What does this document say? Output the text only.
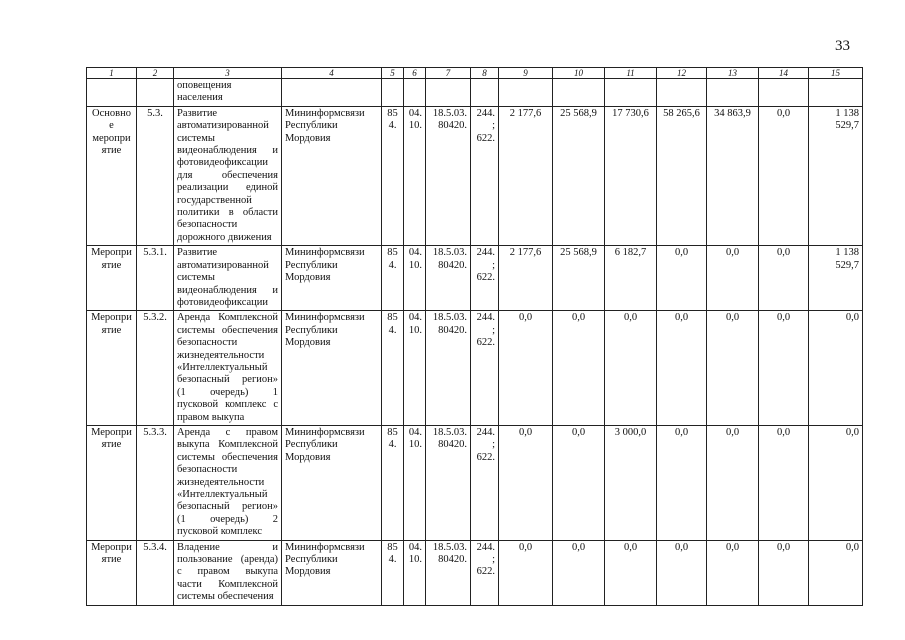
33
1	2	3	4	5	6	7	8	9	10	11	12	13	14	15
		оповещения населения												
Основное мероприятие	5.3.	Развитие автоматизированной системы видеонаблюдения и фотовидеофиксации для обеспечения реализации единой государственной политики в области безопасности дорожного движения	Мининформсвязи Республики Мордовия	854.	04. 10.	18.5.03. 80420.	244.; 622.	2 177,6	25 568,9	17 730,6	58 265,6	34 863,9	0,0	1 138 529,7
Мероприятие	5.3.1.	Развитие автоматизированной системы видеонаблюдения и фотовидеофиксации	Мининформсвязи Республики Мордовия	854.	04. 10.	18.5.03. 80420.	244.; 622.	2 177,6	25 568,9	6 182,7	0,0	0,0	0,0	1 138 529,7
Мероприятие	5.3.2.	Аренда Комплексной системы обеспечения безопасности жизнедеятельности «Интеллектуальный безопасный регион» (1 очередь) 1 пусковой комплекс с правом выкупа	Мининформсвязи Республики Мордовия	854.	04. 10.	18.5.03. 80420.	244.; 622.	0,0	0,0	0,0	0,0	0,0	0,0	0,0
Мероприятие	5.3.3.	Аренда с правом выкупа Комплексной системы обеспечения безопасности жизнедеятельности «Интеллектуальный безопасный регион» (1 очередь) 2 пусковой комплекс	Мининформсвязи Республики Мордовия	854.	04. 10.	18.5.03. 80420.	244.; 622.	0,0	0,0	3 000,0	0,0	0,0	0,0	0,0
Мероприятие	5.3.4.	Владение и пользование (аренда) с правом выкупа части Комплексной системы обеспечения	Мининформсвязи Республики Мордовия	854.	04. 10.	18.5.03. 80420.	244.; 622.	0,0	0,0	0,0	0,0	0,0	0,0	0,0
